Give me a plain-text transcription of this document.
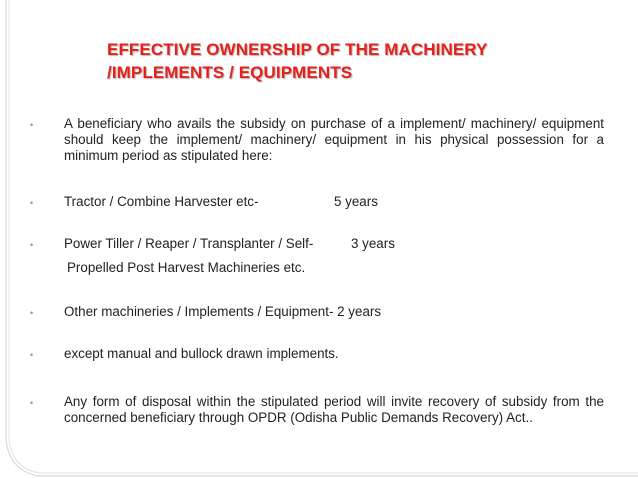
EFFECTIVE OWNERSHIP OF THE MACHINERY
/IMPLEMENTS / EQUIPMENTS
• A beneficiary who avails the subsidy on purchase of a implement/ machinery/ equipment should keep the implement/ machinery/ equipment in his physical possession for a minimum period as stipulated here:
• Tractor / Combine Harvester etc-	5 years
• Power Tiller / Reaper / Transplanter / Self-	3 years
Propelled Post Harvest Machineries etc.
• Other machineries / Implements / Equipment- 2 years
• except manual and bullock drawn implements.
• Any form of disposal within the stipulated period will invite recovery of subsidy from the concerned beneficiary through OPDR (Odisha Public Demands Recovery) Act..
